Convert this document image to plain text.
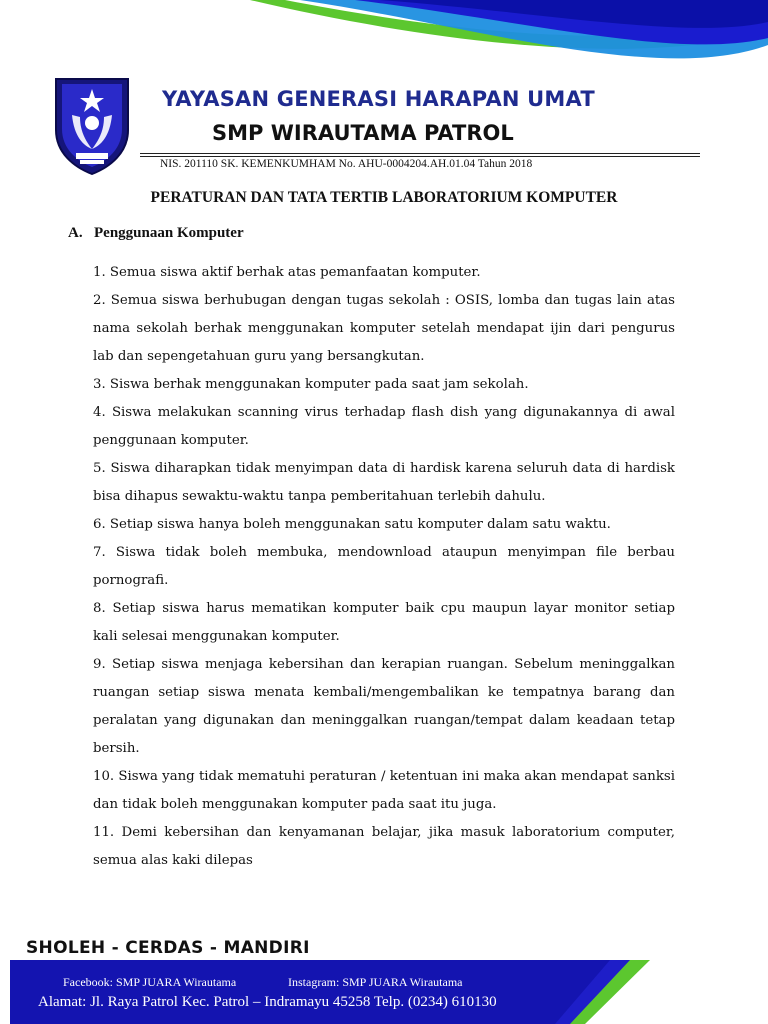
YAYASAN GENERASI HARAPAN UMAT
SMP WIRAUTAMA PATROL
NIS. 201110 SK. KEMENKUMHAM No. AHU-0004204.AH.01.04 Tahun 2018
PERATURAN DAN TATA TERTIB LABORATORIUM KOMPUTER
A. Penggunaan Komputer
1. Semua siswa aktif berhak atas pemanfaatan komputer.
2. Semua siswa berhubugan dengan tugas sekolah : OSIS, lomba dan tugas lain atas nama sekolah berhak menggunakan komputer setelah mendapat ijin dari pengurus lab dan sepengetahuan guru yang bersangkutan.
3. Siswa berhak menggunakan komputer pada saat jam sekolah.
4. Siswa melakukan scanning virus terhadap flash dish yang digunakannya di awal penggunaan komputer.
5. Siswa diharapkan tidak menyimpan data di hardisk karena seluruh data di hardisk bisa dihapus sewaktu-waktu tanpa pemberitahuan terlebih dahulu.
6. Setiap siswa hanya boleh menggunakan satu komputer dalam satu waktu.
7. Siswa tidak boleh membuka, mendownload ataupun menyimpan file berbau pornografi.
8. Setiap siswa harus mematikan komputer baik cpu maupun layar monitor setiap kali selesai menggunakan komputer.
9. Setiap siswa menjaga kebersihan dan kerapian ruangan. Sebelum meninggalkan ruangan setiap siswa menata kembali/mengembalikan ke tempatnya barang dan peralatan yang digunakan dan meninggalkan ruangan/tempat dalam keadaan tetap bersih.
10. Siswa yang tidak mematuhi peraturan / ketentuan ini maka akan mendapat sanksi dan tidak boleh menggunakan komputer pada saat itu juga.
11. Demi kebersihan dan kenyamanan belajar, jika masuk laboratorium computer, semua alas kaki dilepas
SHOLEH - CERDAS - MANDIRI
Facebook: SMP JUARA Wirautama	Instagram: SMP JUARA Wirautama
Alamat: Jl. Raya Patrol Kec. Patrol – Indramayu 45258 Telp. (0234) 610130
